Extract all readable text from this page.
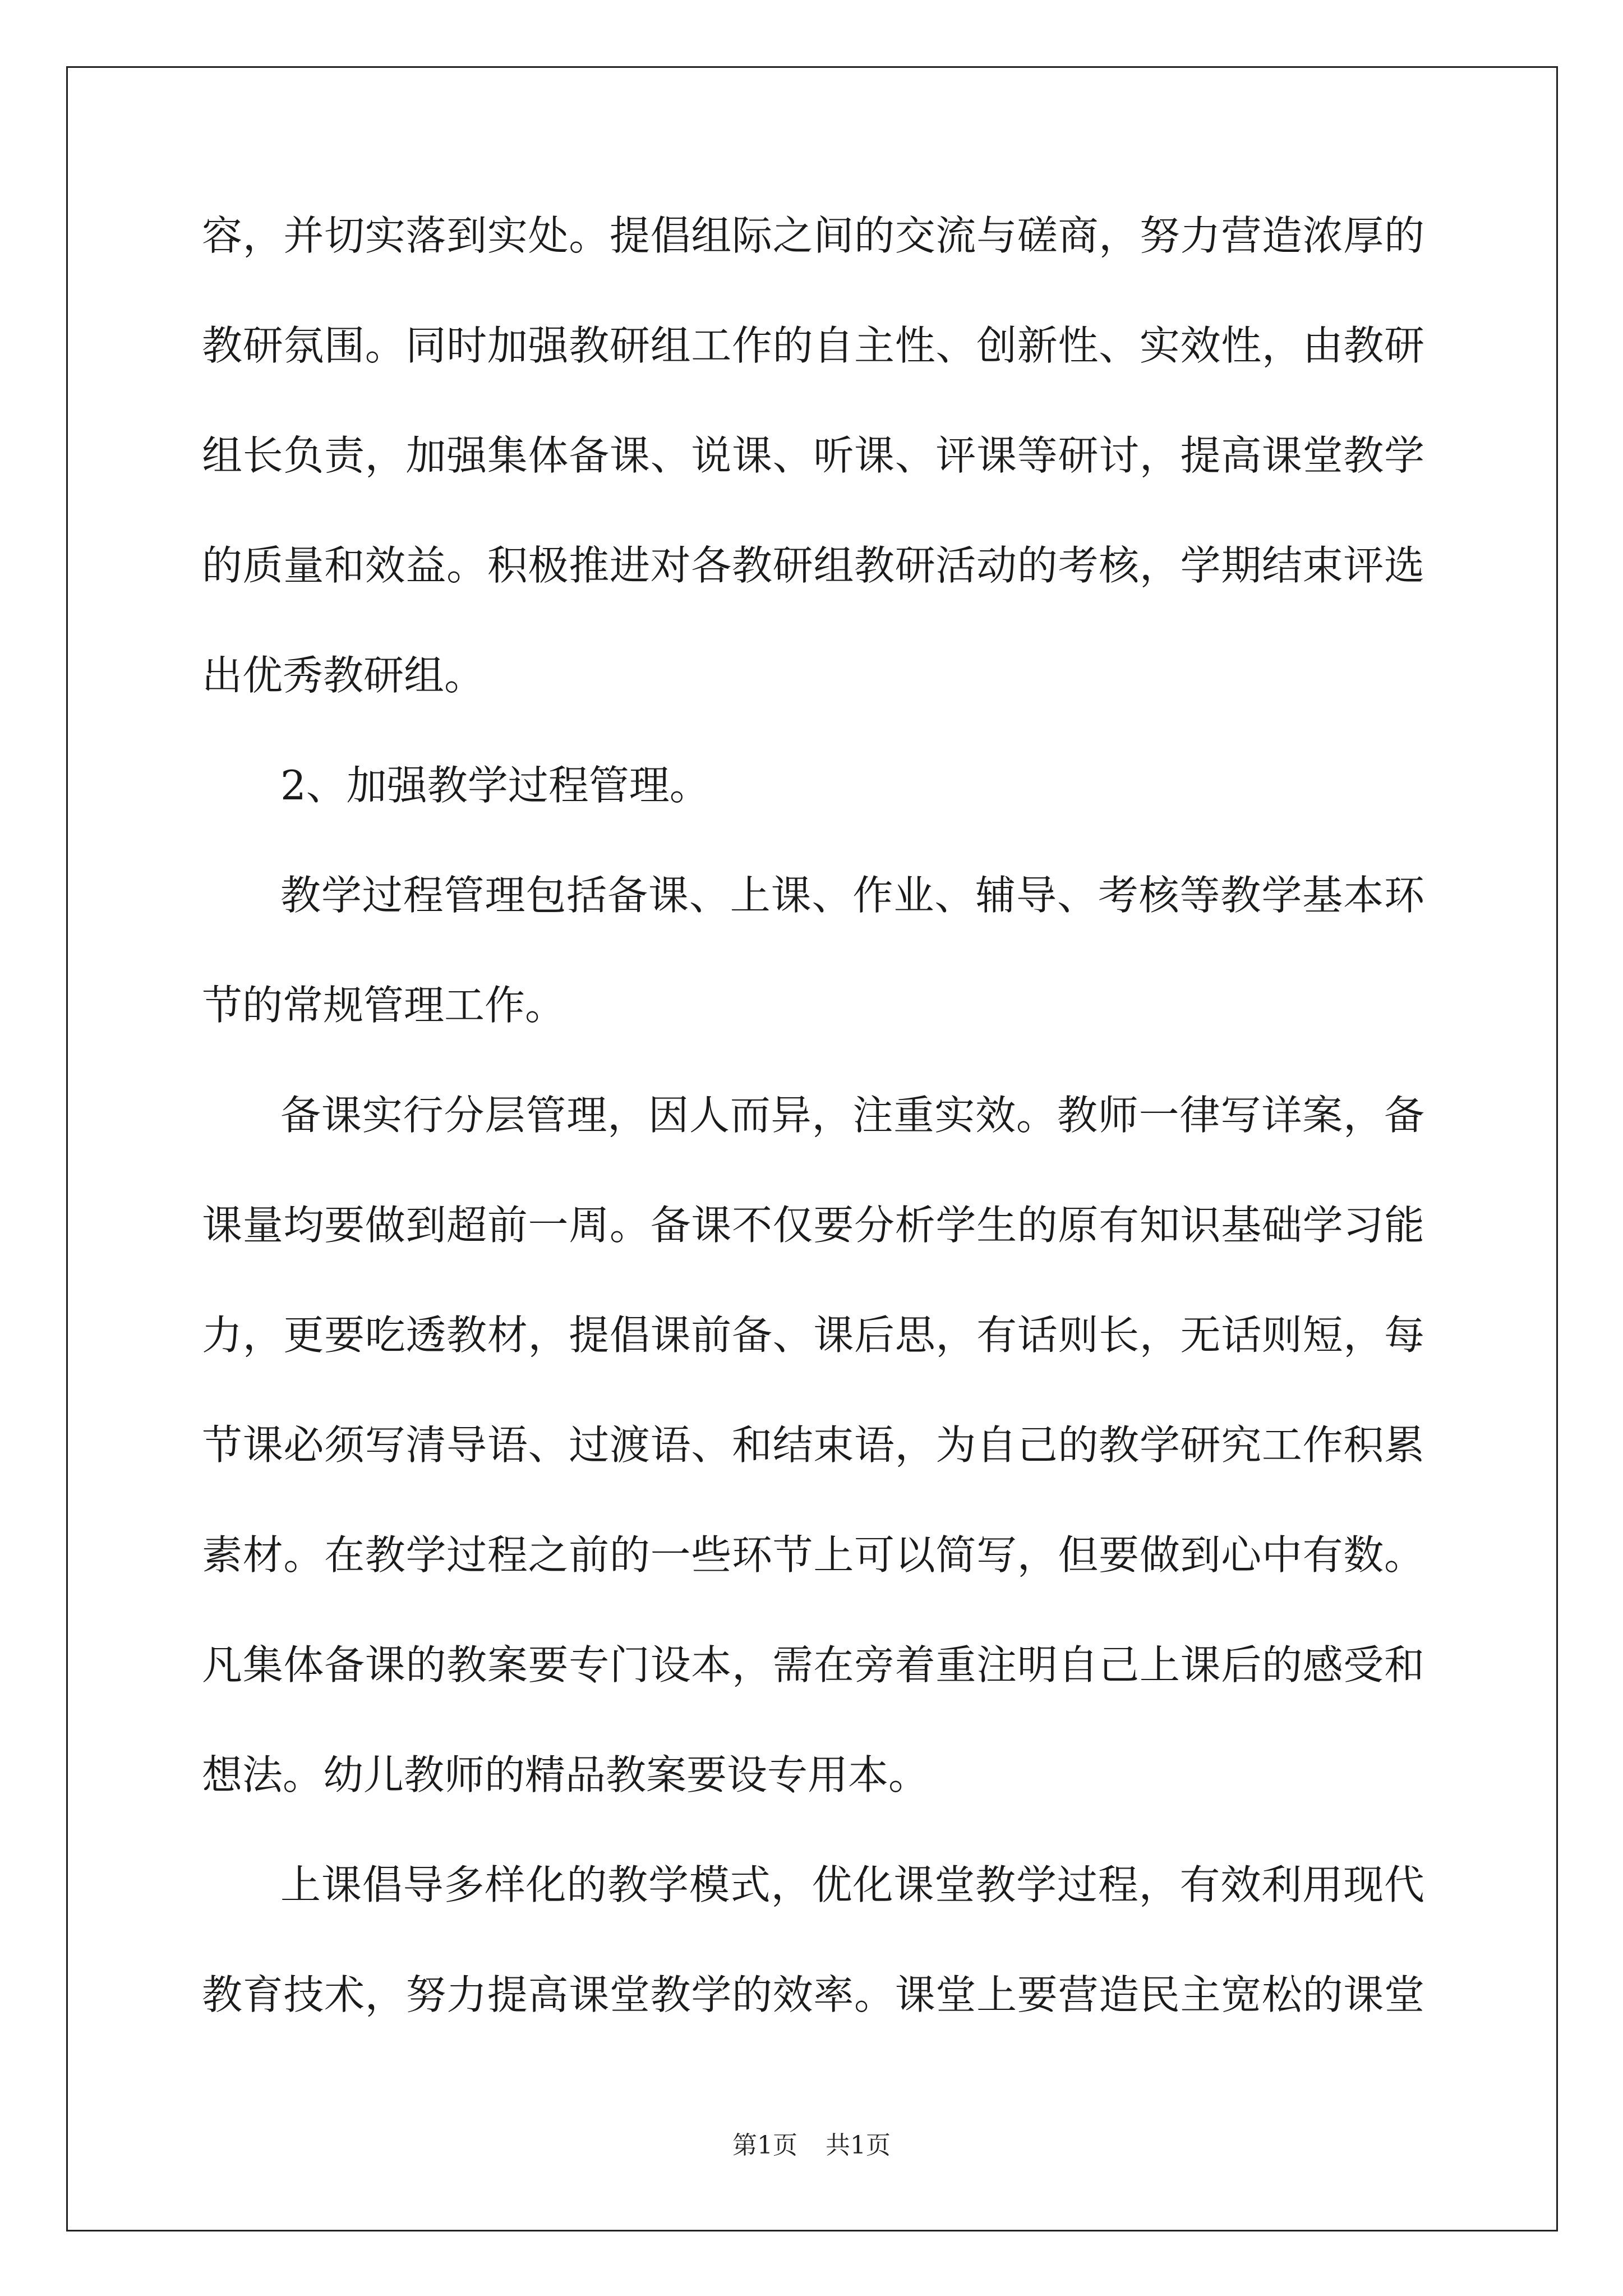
容，并切实落到实处。提倡组际之间的交流与磋商，努力营造浓厚的
教研氛围。同时加强教研组工作的自主性、创新性、实效性，由教研
组长负责，加强集体备课、说课、听课、评课等研讨，提高课堂教学
的质量和效益。积极推进对各教研组教研活动的考核，学期结束评选
出优秀教研组。
2、加强教学过程管理。
教学过程管理包括备课、上课、作业、辅导、考核等教学基本环
节的常规管理工作。
备课实行分层管理，因人而异，注重实效。教师一律写详案，备
课量均要做到超前一周。备课不仅要分析学生的原有知识基础学习能
力，更要吃透教材，提倡课前备、课后思，有话则长，无话则短，每
节课必须写清导语、过渡语、和结束语，为自己的教学研究工作积累
素材。在教学过程之前的一些环节上可以简写，但要做到心中有数。
凡集体备课的教案要专门设本，需在旁着重注明自己上课后的感受和
想法。幼儿教师的精品教案要设专用本。
上课倡导多样化的教学模式，优化课堂教学过程，有效利用现代
教育技术，努力提高课堂教学的效率。课堂上要营造民主宽松的课堂
第1页 共1页
